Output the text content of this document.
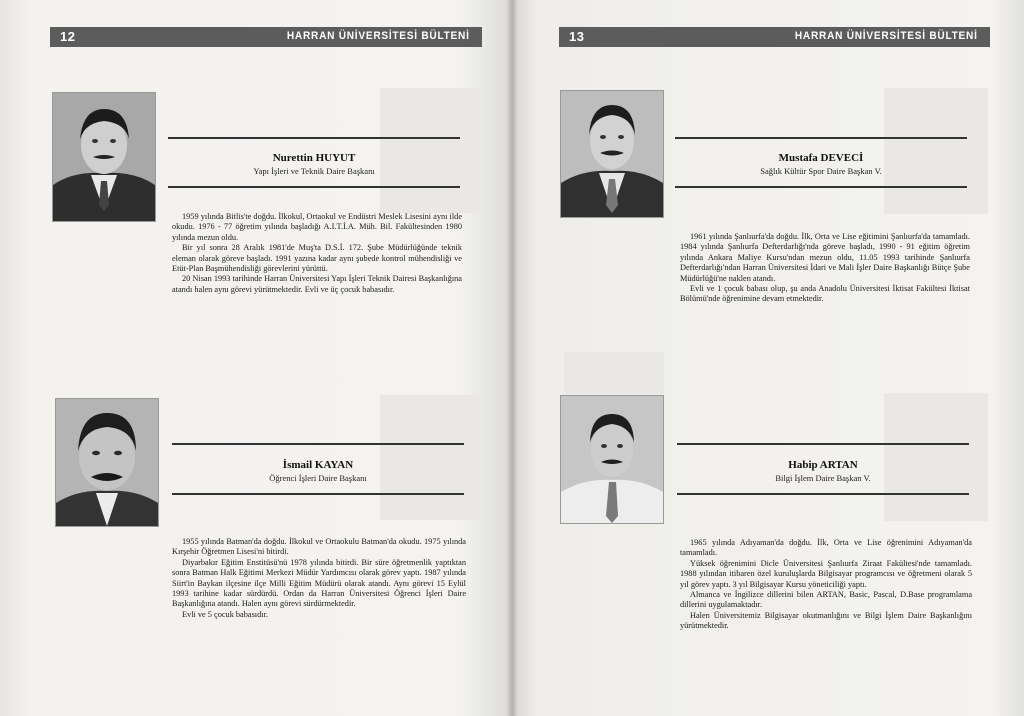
12	HARRAN ÜNİVERSİTESİ BÜLTENİ
Nurettin HUYUT
Yapı İşleri ve Teknik Daire Başkanı

1959 yılında Bitlis'te doğdu. İlkokul, Ortaokul ve Endüstri Meslek Lisesini aynı ilde okudu. 1976 - 77 öğretim yılında başladığı A.I.T.İ.A. Müh. Bil. Fakültesinden 1980 yılında mezun oldu.

Bir yıl sonra 28 Aralık 1981'de Muş'ta D.S.İ. 172. Şube Müdürlüğünde teknik eleman olarak göreve başladı. 1991 yazına kadar aynı şubede kontrol mühendisliği ve Etüt-Plan Başmühendisliği görevlerini yürüttü.

20 Nisan 1993 tarihinde Harran Üniversitesi Yapı İşleri Teknik Dairesi Başkanlığına atandı halen aynı görevi yürütmektedir. Evli ve üç çocuk babasıdır.

İsmail KAYAN
Öğrenci İşleri Daire Başkanı

1955 yılında Batman'da doğdu. İlkokul ve Ortaokulu Batman'da okudu. 1975 yılında Kırşehir Öğretmen Lisesi'ni bitirdi.

Diyarbakır Eğitim Enstitüsü'nü 1978 yılında bitirdi. Bir süre öğretmenlik yaptıktan sonra Batman Halk Eğitimi Merkezi Müdür Yardımcısı olarak görev yaptı. 1987 yılında Siirt'in Baykan ilçesine ilçe Milli Eğitim Müdürü olarak atandı. Aynı görevi 15 Eylül 1993 tarihine kadar sürdürdü. Ordan da Harran Üniversitesi Öğrenci İşleri Daire Başkanlığına atandı. Halen aynı görevi sürdürmektedir.

Evli ve 5 çocuk babasıdır.

13	HARRAN ÜNİVERSİTESİ BÜLTENİ
Mustafa DEVECİ
Sağlık Kültür Spor Daire Başkan V.

1961 yılında Şanlıurfa'da doğdu. İlk, Orta ve Lise eğitimini Şanlıurfa'da tamamladı. 1984 yılında Şanlıurfa Defterdarlığı'nda göreve başladı, 1990 - 91 eğitim öğretim yılında Ankara Maliye Kursu'ndan mezun oldu, 11.05 1993 tarihinde Şanlıurfa Defterdarlığı'ndan Harran Üniversitesi İdari ve Mali İşler Daire Başkanlığı Bütçe Şube Müdürlüğü'ne naklen atandı.

Evli ve 1 çocuk babası olup, şu anda Anadolu Üniversitesi İktisat Fakültesi İktisat Bölümü'nde öğrenimine devam etmektedir.

Habip ARTAN
Bilgi İşlem Daire Başkan V.

1965 yılında Adıyaman'da doğdu. İlk, Orta ve Lise öğrenimini Adıyaman'da tamamladı.

Yüksek öğrenimini Dicle Üniversitesi Şanlıurfa Ziraat Fakültesi'nde tamamladı. 1988 yılından itibaren özel kuruluşlarda Bilgisayar programcısı ve öğretmeni olarak 5 yıl görev yaptı. 3 yıl Bilgisayar Kursu yöneticiliği yaptı.

Almanca ve İngilizce dillerini bilen ARTAN, Basic, Pascal, D.Base programlama dillerini uygulamaktadır.

Halen Üniversitemiz Bilgisayar okutmanlığını ve Bilgi İşlem Daire Başkanlığını yürütmektedir.
